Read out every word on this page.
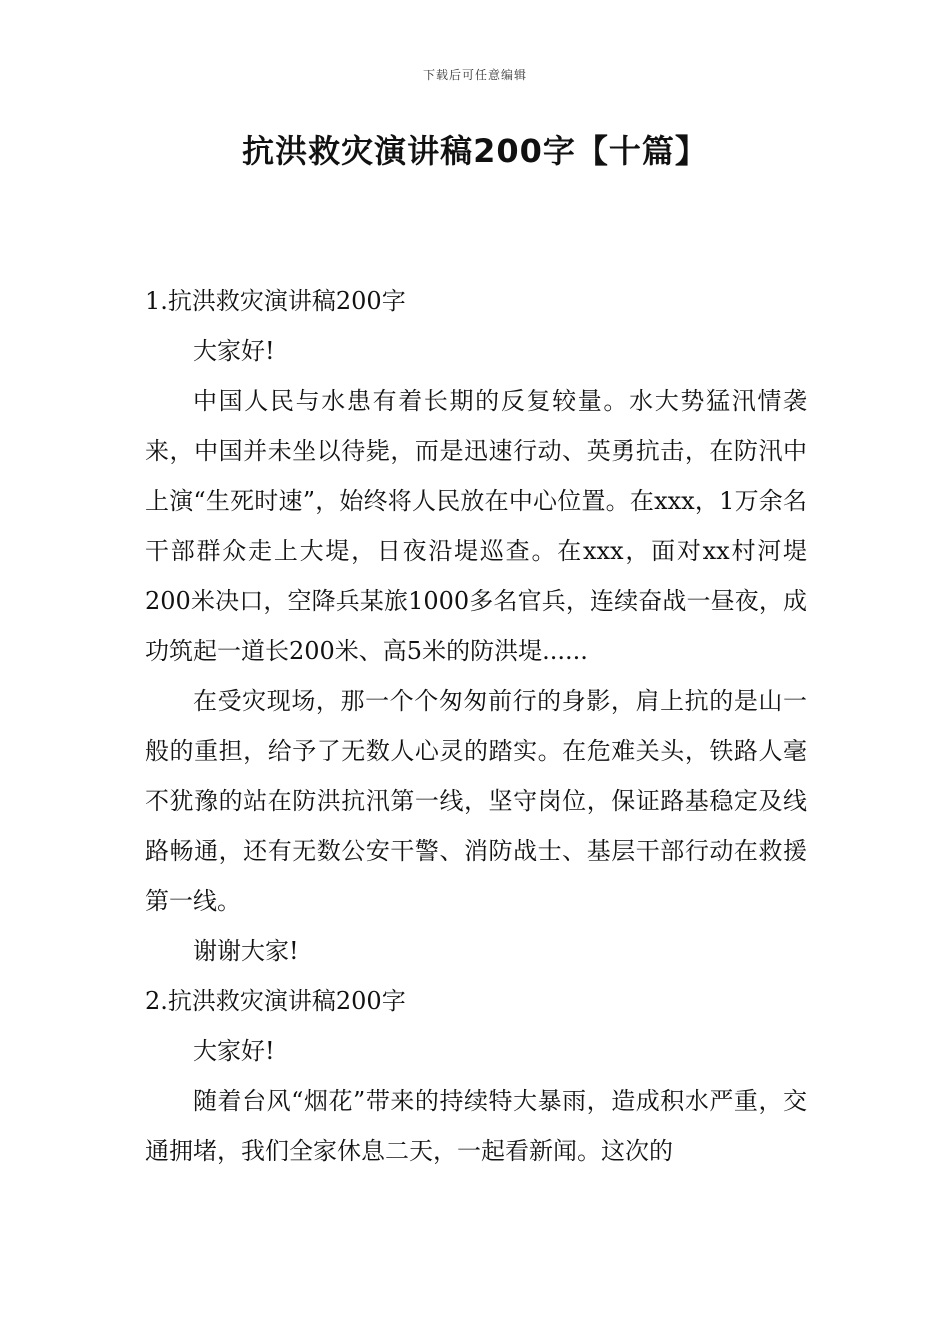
下载后可任意编辑
抗洪救灾演讲稿200字【十篇】

1.抗洪救灾演讲稿200字

大家好!

中国人民与水患有着长期的反复较量。水大势猛汛情袭来，中国并未坐以待毙，而是迅速行动、英勇抗击，在防汛中上演“生死时速”，始终将人民放在中心位置。在xxx，1万余名干部群众走上大堤，日夜沿堤巡查。在xxx，面对xx村河堤200米决口，空降兵某旅1000多名官兵，连续奋战一昼夜，成功筑起一道长200米、高5米的防洪堤......

在受灾现场，那一个个匆匆前行的身影，肩上抗的是山一般的重担，给予了无数人心灵的踏实。在危难关头，铁路人毫不犹豫的站在防洪抗汛第一线，坚守岗位，保证路基稳定及线路畅通，还有无数公安干警、消防战士、基层干部行动在救援第一线。

谢谢大家!

2.抗洪救灾演讲稿200字

大家好!

随着台风“烟花”带来的持续特大暴雨，造成积水严重，交通拥堵，我们全家休息二天，一起看新闻。这次的
